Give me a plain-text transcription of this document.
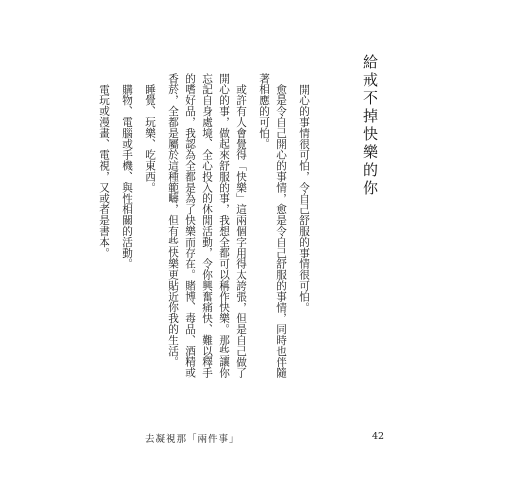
給戒不掉快樂的你

開心的事情很可怕，令自己舒服的事情很可怕。

愈是令自己開心的事情，愈是令自己舒服的事情，同時也伴隨著相應的可怕。

或許有人會覺得「快樂」這兩個字用得太誇張，但是自己做了開心的事，做起來舒服的事，我想全都可以稱作快樂。那些讓你忘記自身處境、全心投入的休閒活動，令你興奮痛快、難以釋手的嗜好品，我認為全都是為了快樂而存在。賭博、毒品、酒精或香菸，全都是屬於這種範疇，但有些快樂更貼近你我的生活。

睡覺、玩樂、吃東西。

購物、電腦或手機、與性相關的活動。

電玩或漫畫、電視，又或者是書本。

去凝視那「兩件事」	42
